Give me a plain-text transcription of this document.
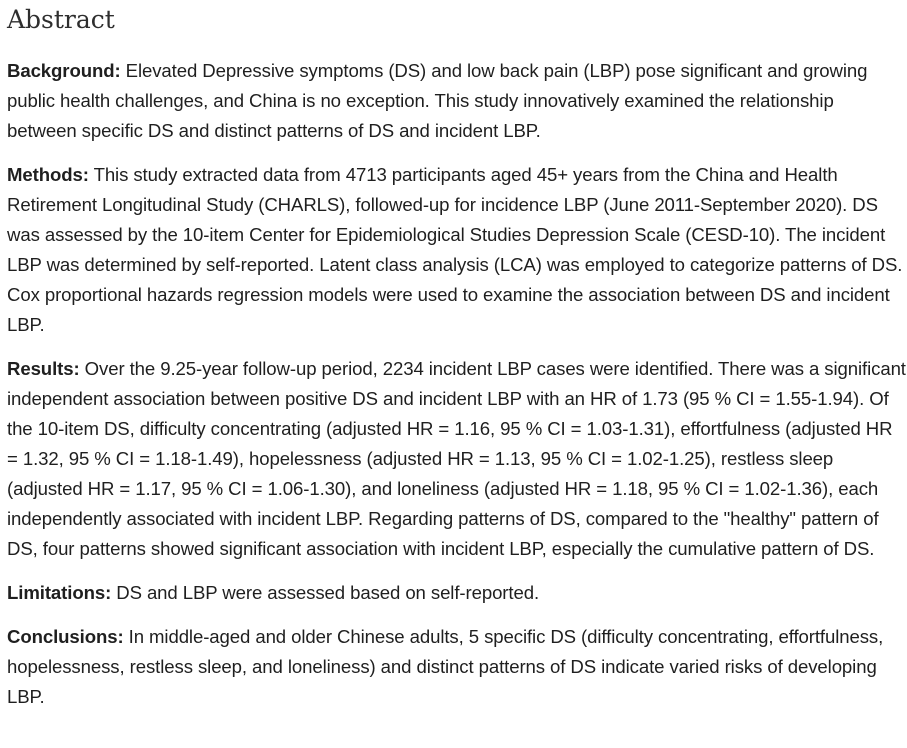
Abstract

Background: Elevated Depressive symptoms (DS) and low back pain (LBP) pose significant and growing public health challenges, and China is no exception. This study innovatively examined the relationship between specific DS and distinct patterns of DS and incident LBP.

Methods: This study extracted data from 4713 participants aged 45+ years from the China and Health Retirement Longitudinal Study (CHARLS), followed-up for incidence LBP (June 2011-September 2020). DS was assessed by the 10-item Center for Epidemiological Studies Depression Scale (CESD-10). The incident LBP was determined by self-reported. Latent class analysis (LCA) was employed to categorize patterns of DS. Cox proportional hazards regression models were used to examine the association between DS and incident LBP.

Results: Over the 9.25-year follow-up period, 2234 incident LBP cases were identified. There was a significant independent association between positive DS and incident LBP with an HR of 1.73 (95 % CI = 1.55-1.94). Of the 10-item DS, difficulty concentrating (adjusted HR = 1.16, 95 % CI = 1.03-1.31), effortfulness (adjusted HR = 1.32, 95 % CI = 1.18-1.49), hopelessness (adjusted HR = 1.13, 95 % CI = 1.02-1.25), restless sleep (adjusted HR = 1.17, 95 % CI = 1.06-1.30), and loneliness (adjusted HR = 1.18, 95 % CI = 1.02-1.36), each independently associated with incident LBP. Regarding patterns of DS, compared to the "healthy" pattern of DS, four patterns showed significant association with incident LBP, especially the cumulative pattern of DS.

Limitations: DS and LBP were assessed based on self-reported.

Conclusions: In middle-aged and older Chinese adults, 5 specific DS (difficulty concentrating, effortfulness, hopelessness, restless sleep, and loneliness) and distinct patterns of DS indicate varied risks of developing LBP.
